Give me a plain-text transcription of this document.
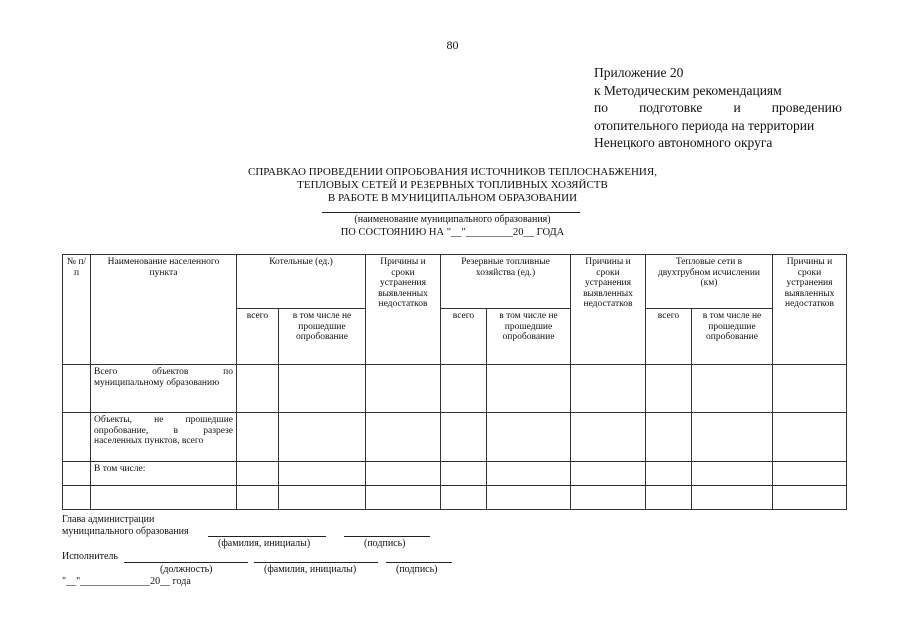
80
Приложение 20
к Методическим рекомендациям
по подготовке и проведению
отопительного периода на территории
Ненецкого автономного округа
СПРАВКАО ПРОВЕДЕНИИ ОПРОБОВАНИЯ ИСТОЧНИКОВ ТЕПЛОСНАБЖЕНИЯ,
ТЕПЛОВЫХ СЕТЕЙ И РЕЗЕРВНЫХ ТОПЛИВНЫХ ХОЗЯЙСТВ
В РАБОТЕ В МУНИЦИПАЛЬНОМ ОБРАЗОВАНИИ
(наименование муниципального образования)
ПО СОСТОЯНИЮ НА "__"_________20__ ГОДА
№ п/п	Наименование населенного пункта	Котельные (ед.)		Причины и сроки устранения выявленных недостатков	Резервные топливные хозяйства (ед.)		Причины и сроки устранения выявленных недостатков	Тепловые сети в двухтрубном исчислении (км)		Причины и сроки устранения выявленных недостатков
		всего	в том числе не прошедшие опробование		всего	в том числе не прошедшие опробование		всего	в том числе не прошедшие опробование	
	Всего объектов по муниципальному образованию									
	Объекты, не прошедшие опробование, в разрезе населенных пунктов, всего									
	В том числе:									

Глава администрации
муниципального образования
(фамилия, инициалы)	(подпись)
Исполнитель
(должность)	(фамилия, инициалы)	(подпись)
"__"______________20__ года
